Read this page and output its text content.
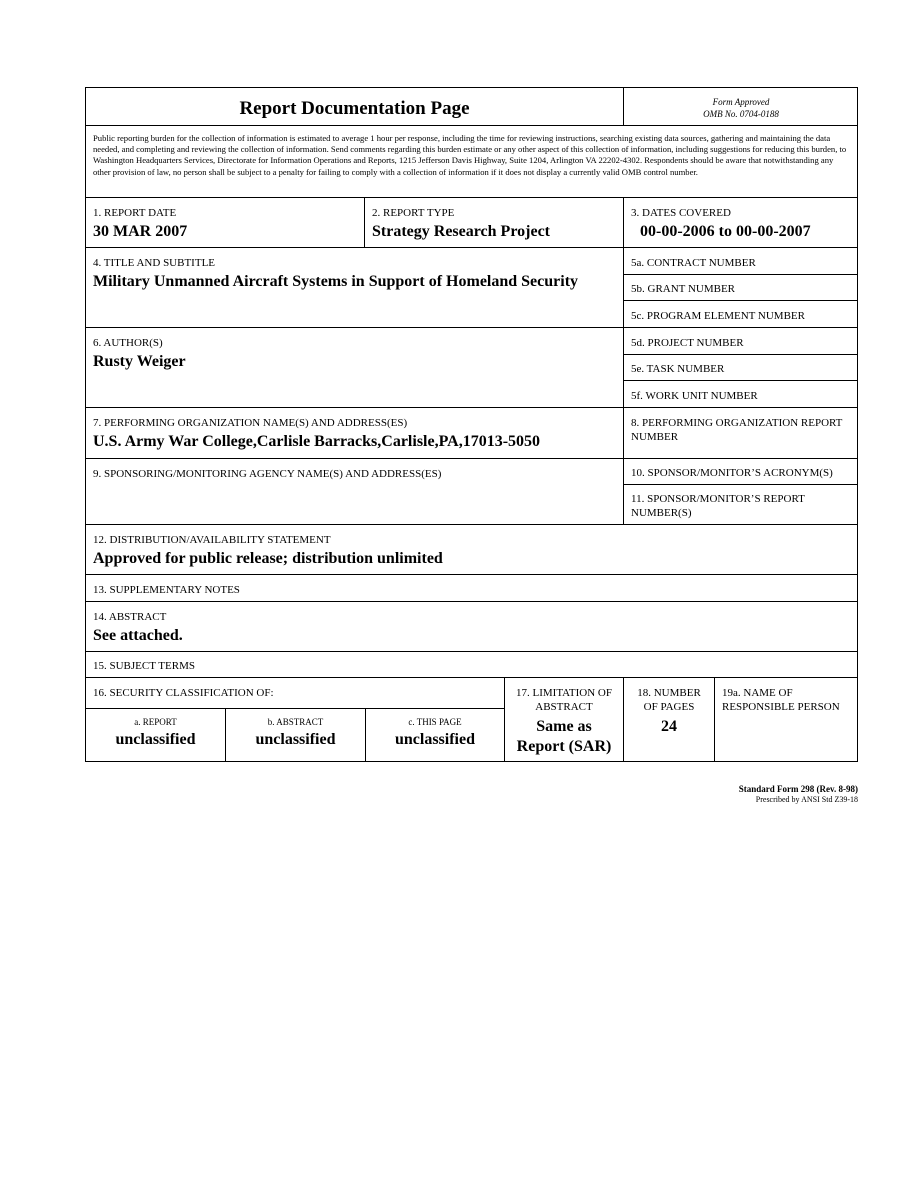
Report Documentation Page	Form Approved
OMB No. 0704-0188
Public reporting burden for the collection of information is estimated to average 1 hour per response, including the time for reviewing instructions, searching existing data sources, gathering and maintaining the data needed, and completing and reviewing the collection of information. Send comments regarding this burden estimate or any other aspect of this collection of information, including suggestions for reducing this burden, to Washington Headquarters Services, Directorate for Information Operations and Reports, 1215 Jefferson Davis Highway, Suite 1204, Arlington VA 22202-4302. Respondents should be aware that notwithstanding any other provision of law, no person shall be subject to a penalty for failing to comply with a collection of information if it does not display a currently valid OMB control number.
1. REPORT DATE
30 MAR 2007
2. REPORT TYPE
Strategy Research Project
3. DATES COVERED
00-00-2006 to 00-00-2007
4. TITLE AND SUBTITLE
Military Unmanned Aircraft Systems in Support of Homeland Security
5a. CONTRACT NUMBER
5b. GRANT NUMBER
5c. PROGRAM ELEMENT NUMBER
6. AUTHOR(S)
Rusty Weiger
5d. PROJECT NUMBER
5e. TASK NUMBER
5f. WORK UNIT NUMBER
7. PERFORMING ORGANIZATION NAME(S) AND ADDRESS(ES)
U.S. Army War College,Carlisle Barracks,Carlisle,PA,17013-5050
8. PERFORMING ORGANIZATION REPORT NUMBER
9. SPONSORING/MONITORING AGENCY NAME(S) AND ADDRESS(ES)	10. SPONSOR/MONITOR’S ACRONYM(S)
11. SPONSOR/MONITOR’S REPORT NUMBER(S)
12. DISTRIBUTION/AVAILABILITY STATEMENT
Approved for public release; distribution unlimited
13. SUPPLEMENTARY NOTES
14. ABSTRACT
See attached.
15. SUBJECT TERMS
16. SECURITY CLASSIFICATION OF:
a. REPORT
unclassified
b. ABSTRACT
unclassified
c. THIS PAGE
unclassified
17. LIMITATION OF
ABSTRACT
Same as
Report (SAR)
18. NUMBER
OF PAGES
24
19a. NAME OF
RESPONSIBLE PERSON
Standard Form 298 (Rev. 8-98)
Prescribed by ANSI Std Z39-18
